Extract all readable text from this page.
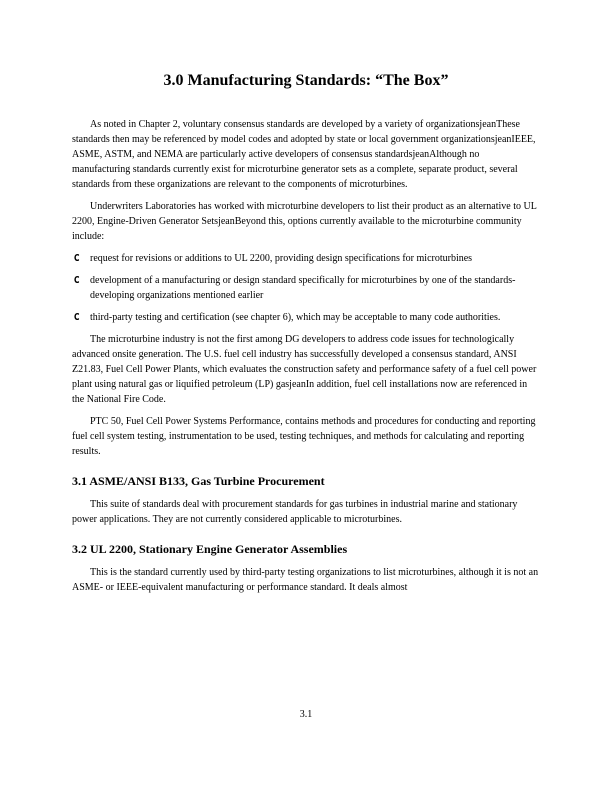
3.0 Manufacturing Standards: “The Box”

As noted in Chapter 2, voluntary consensus standards are developed by a variety of organizationsjeanThese standards then may be referenced by model codes and adopted by state or local government organizationsjeanIEEE, ASME, ASTM, and NEMA are particularly active developers of consensus standardsjeanAlthough no manufacturing standards currently exist for microturbine generator sets as a complete, separate product, several standards from these organizations are relevant to the components of microturbines.

Underwriters Laboratories has worked with microturbine developers to list their product as an alternative to UL 2200, Engine-Driven Generator SetsjeanBeyond this, options currently available to the microturbine community include:

C request for revisions or additions to UL 2200, providing design specifications for microturbines
C development of a manufacturing or design standard specifically for microturbines by one of the standards-developing organizations mentioned earlier
C third-party testing and certification (see chapter 6), which may be acceptable to many code authorities.

The microturbine industry is not the first among DG developers to address code issues for technologically advanced onsite generation. The U.S. fuel cell industry has successfully developed a consensus standard, ANSI Z21.83, Fuel Cell Power Plants, which evaluates the construction safety and performance safety of a fuel cell power plant using natural gas or liquified petroleum (LP) gasjeanIn addition, fuel cell installations now are referenced in the National Fire Code.

PTC 50, Fuel Cell Power Systems Performance, contains methods and procedures for conducting and reporting fuel cell system testing, instrumentation to be used, testing techniques, and methods for calculating and reporting results.

3.1 ASME/ANSI B133, Gas Turbine Procurement

This suite of standards deal with procurement standards for gas turbines in industrial marine and stationary power applications. They are not currently considered applicable to microturbines.

3.2 UL 2200, Stationary Engine Generator Assemblies

This is the standard currently used by third-party testing organizations to list microturbines, although it is not an ASME- or IEEE-equivalent manufacturing or performance standard. It deals almost

3.1
